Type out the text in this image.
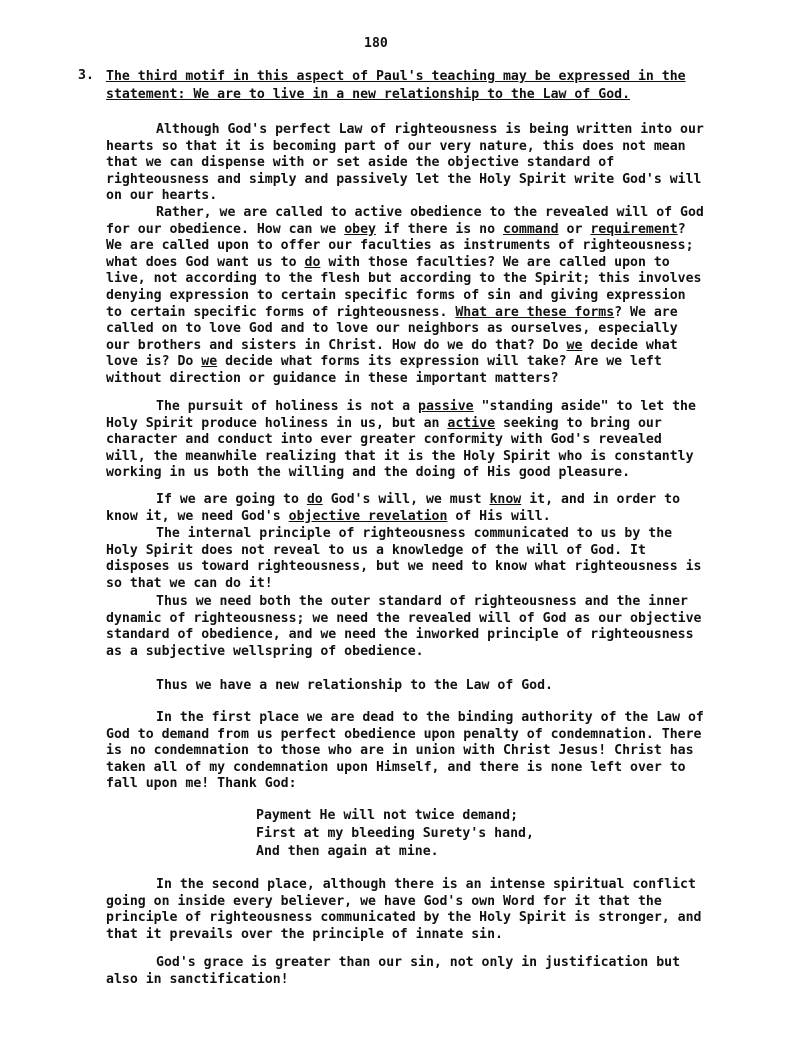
180
3. The third motif in this aspect of Paul's teaching may be expressed in the statement: We are to live in a new relationship to the Law of God.
Although God's perfect Law of righteousness is being written into our hearts so that it is becoming part of our very nature, this does not mean that we can dispense with or set aside the objective standard of righteousness and simply and passively let the Holy Spirit write God's will on our hearts.
Rather, we are called to active obedience to the revealed will of God for our obedience. How can we obey if there is no command or requirement? We are called upon to offer our faculties as instruments of righteousness; what does God want us to do with those faculties? We are called upon to live, not according to the flesh but according to the Spirit; this involves denying expression to certain specific forms of sin and giving expression to certain specific forms of righteousness. What are these forms? We are called on to love God and to love our neighbors as ourselves, especially our brothers and sisters in Christ. How do we do that? Do we decide what love is? Do we decide what forms its expression will take? Are we left without direction or guidance in these important matters?
The pursuit of holiness is not a passive "standing aside" to let the Holy Spirit produce holiness in us, but an active seeking to bring our character and conduct into ever greater conformity with God's revealed will, the meanwhile realizing that it is the Holy Spirit who is constantly working in us both the willing and the doing of His good pleasure.
If we are going to do God's will, we must know it, and in order to know it, we need God's objective revelation of His will.
The internal principle of righteousness communicated to us by the Holy Spirit does not reveal to us a knowledge of the will of God. It disposes us toward righteousness, but we need to know what righteousness is so that we can do it!
Thus we need both the outer standard of righteousness and the inner dynamic of righteousness; we need the revealed will of God as our objective standard of obedience, and we need the inworked principle of righteousness as a subjective wellspring of obedience.
Thus we have a new relationship to the Law of God.
In the first place we are dead to the binding authority of the Law of God to demand from us perfect obedience upon penalty of condemnation. There is no condemnation to those who are in union with Christ Jesus! Christ has taken all of my condemnation upon Himself, and there is none left over to fall upon me! Thank God:
Payment He will not twice demand;
First at my bleeding Surety's hand,
And then again at mine.
In the second place, although there is an intense spiritual conflict going on inside every believer, we have God's own Word for it that the principle of righteousness communicated by the Holy Spirit is stronger, and that it prevails over the principle of innate sin.
God's grace is greater than our sin, not only in justification but also in sanctification!
